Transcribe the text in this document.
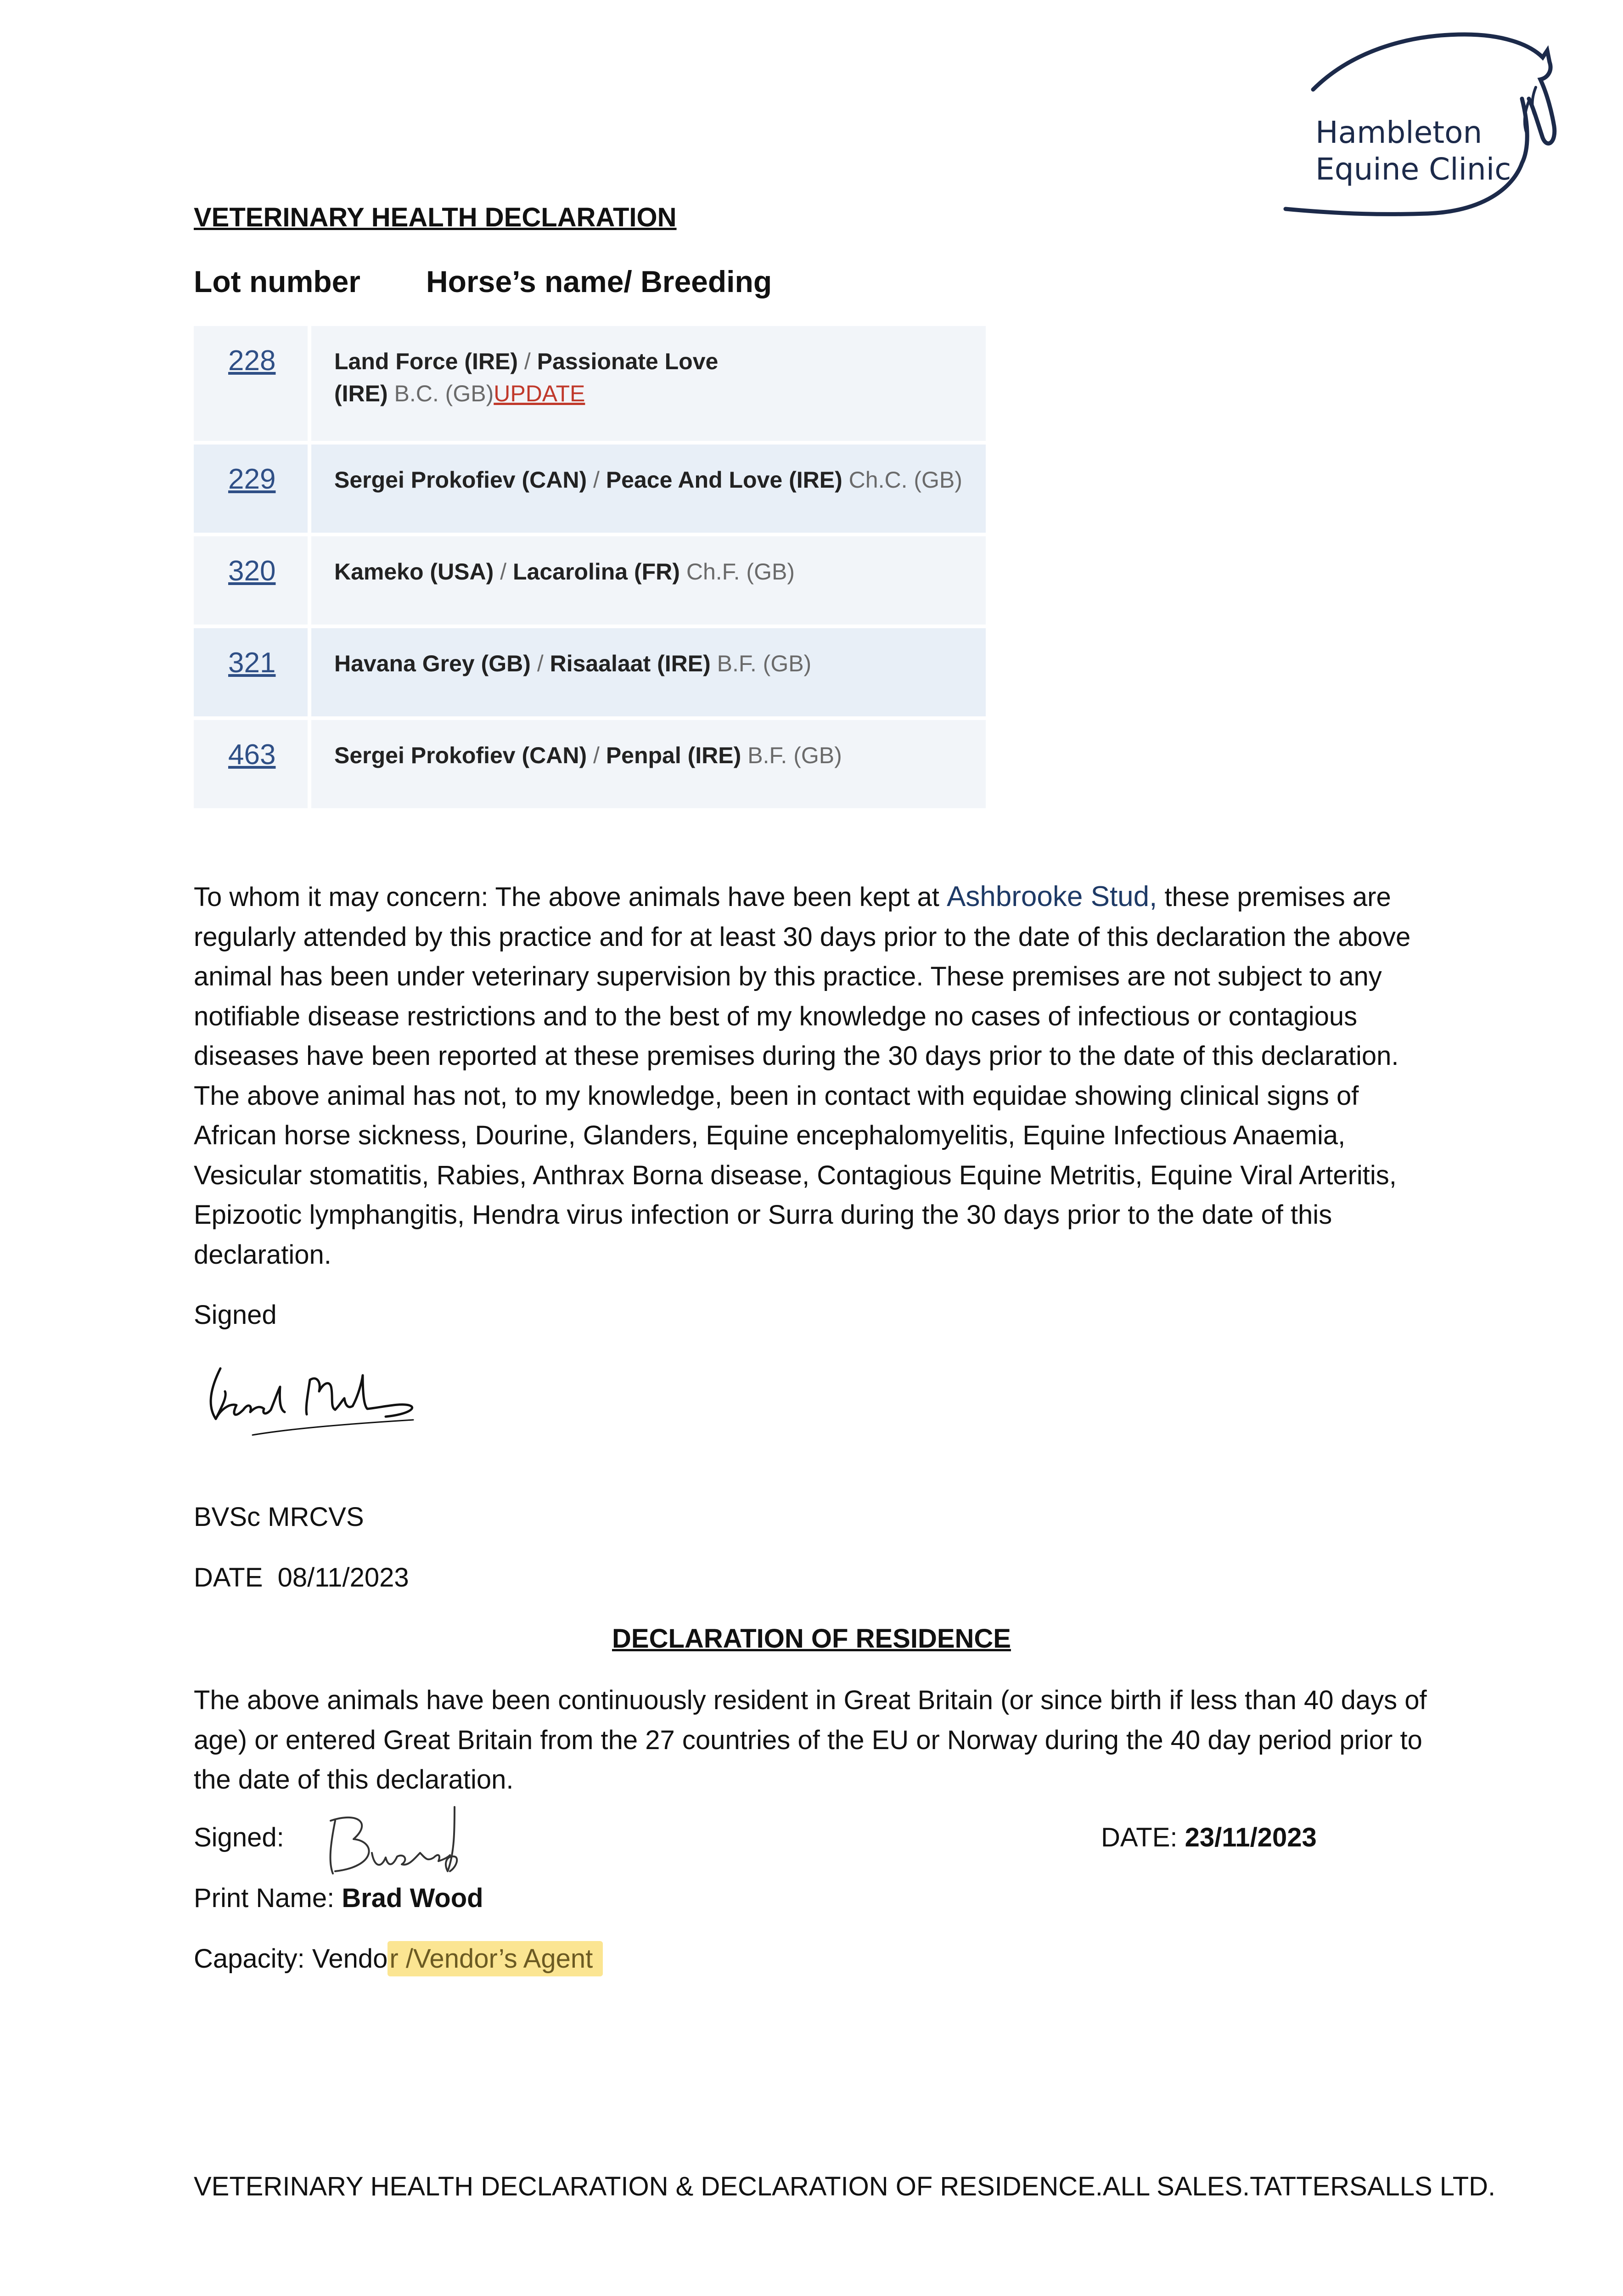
Hambleton
Equine Clinic
VETERINARY HEALTH DECLARATION
Lot number Horse’s name/ Breeding
228	Land Force (IRE) / Passionate Love (IRE) B.C. (GB)UPDATE
229	Sergei Prokofiev (CAN) / Peace And Love (IRE) Ch.C. (GB)
320	Kameko (USA) / Lacarolina (FR) Ch.F. (GB)
321	Havana Grey (GB) / Risaalaat (IRE) B.F. (GB)
463	Sergei Prokofiev (CAN) / Penpal (IRE) B.F. (GB)
To whom it may concern: The above animals have been kept at Ashbrooke Stud, these premises are regularly attended by this practice and for at least 30 days prior to the date of this declaration the above animal has been under veterinary supervision by this practice. These premises are not subject to any notifiable disease restrictions and to the best of my knowledge no cases of infectious or contagious diseases have been reported at these premises during the 30 days prior to the date of this declaration. The above animal has not, to my knowledge, been in contact with equidae showing clinical signs of African horse sickness, Dourine, Glanders, Equine encephalomyelitis, Equine Infectious Anaemia, Vesicular stomatitis, Rabies, Anthrax Borna disease, Contagious Equine Metritis, Equine Viral Arteritis, Epizootic lymphangitis, Hendra virus infection or Surra during the 30 days prior to the date of this declaration.
Signed
BVSc MRCVS
DATE 08/11/2023
DECLARATION OF RESIDENCE
The above animals have been continuously resident in Great Britain (or since birth if less than 40 days of age) or entered Great Britain from the 27 countries of the EU or Norway during the 40 day period prior to the date of this declaration.
Signed:	DATE: 23/11/2023
Print Name: Brad Wood
Capacity: Vendor /Vendor’s Agent
VETERINARY HEALTH DECLARATION & DECLARATION OF RESIDENCE.ALL SALES.TATTERSALLS LTD.
